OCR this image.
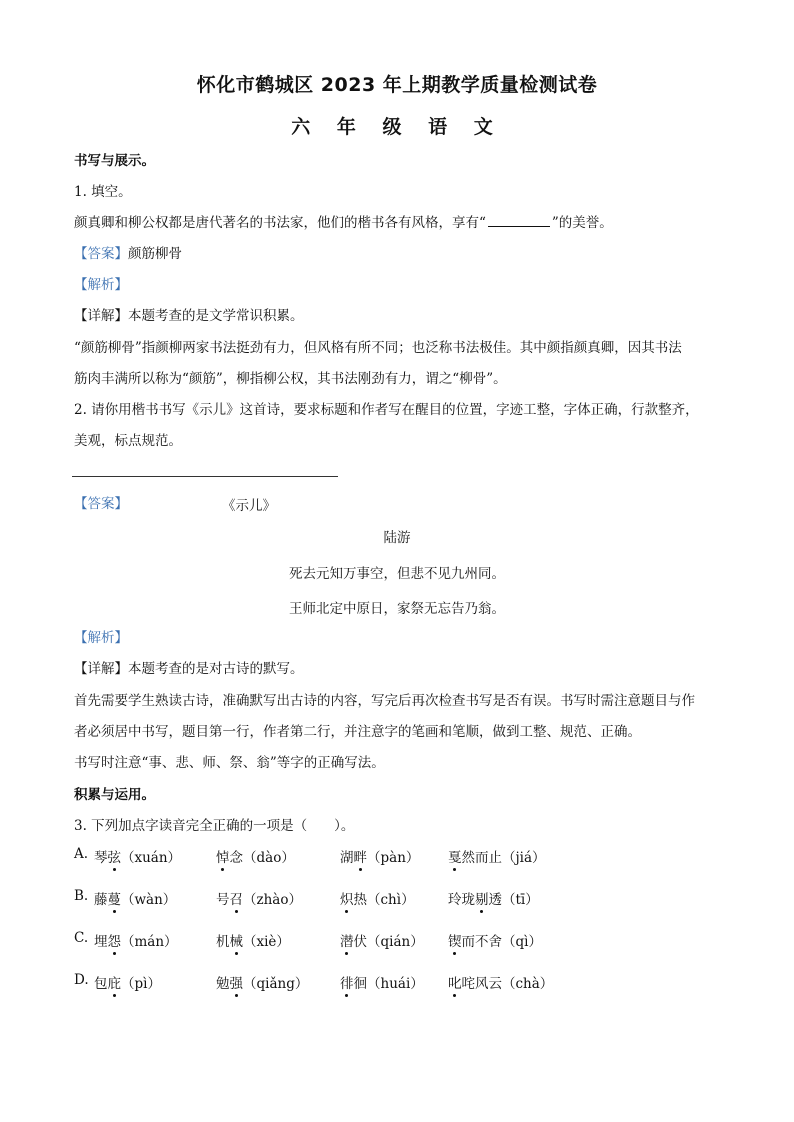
怀化市鹤城区 2023 年上期教学质量检测试卷
六 年 级 语 文
书写与展示。
1. 填空。
颜真卿和柳公权都是唐代著名的书法家，他们的楷书各有风格，享有“	”的美誉。
【答案】颜筋柳骨
【解析】
【详解】本题考查的是文学常识积累。
“颜筋柳骨”指颜柳两家书法挺劲有力，但风格有所不同；也泛称书法极佳。其中颜指颜真卿，因其书法
筋肉丰满所以称为“颜筋”，柳指柳公权，其书法刚劲有力，谓之“柳骨”。
2. 请你用楷书书写《示儿》这首诗，要求标题和作者写在醒目的位置，字迹工整，字体正确，行款整齐，
美观，标点规范。
【答案】	《示儿》
陆游
死去元知万事空，但悲不见九州同。
王师北定中原日，家祭无忘告乃翁。
【解析】
【详解】本题考查的是对古诗的默写。
首先需要学生熟读古诗，准确默写出古诗的内容，写完后再次检查书写是否有误。书写时需注意题目与作
者必须居中书写，题目第一行，作者第二行，并注意字的笔画和笔顺，做到工整、规范、正确。
书写时注意“事、悲、师、祭、翁”等字的正确写法。
积累与运用。
3. 下列加点字读音完全正确的一项是（　　）。
A. 琴弦（xuán）	悼念（dào）	湖畔（pàn） 戛然而止（jiá）
B. 藤蔓（wàn）	号召（zhào）	炽热（chì） 玲珑剔透（tī）
C. 埋怨（mán）	机械（xiè）	潜伏（qián） 锲而不舍（qì）
D. 包庇（pì）	勉强（qiǎng） 徘徊（huái） 叱咤风云（chà）
